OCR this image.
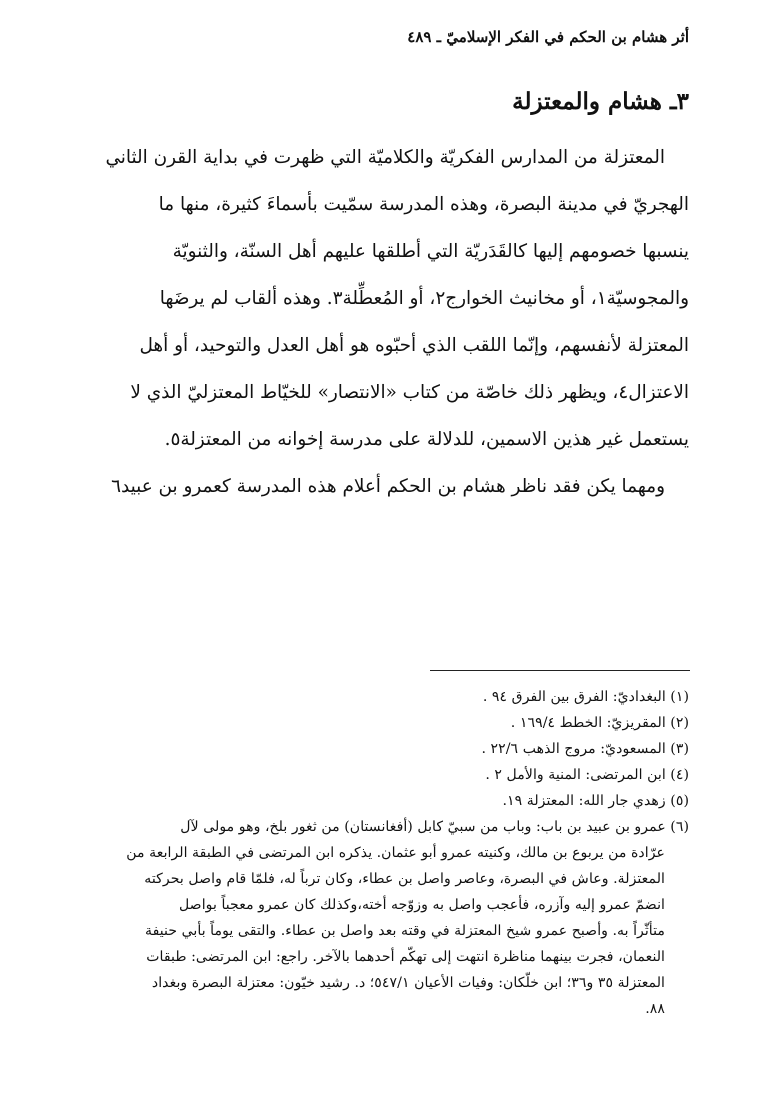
أثر هشام بن الحكم في الفكر الإسلاميّ ـ ٤٨٩
٣ـ هشام والمعتزلة

المعتزلة من المدارس الفكريّة والكلاميّة التي ظهرت في بداية القرن الثاني
الهجريّ في مدينة البصرة، وهذه المدرسة سمّيت بأسماءَ كثيرة، منها ما
ينسبها خصومهم إليها كالقَدَريّة التي أطلقها عليهم أهل السنّة، والثنويّة
والمجوسيّة١، أو مخانيث الخوارج٢، أو المُعطِّلة٣. وهذه ألقاب لم يرضَها
المعتزلة لأنفسهم، وإنّما اللقب الذي أحبّوه هو أهل العدل والتوحيد، أو أهل
الاعتزال٤، ويظهر ذلك خاصّة من كتاب «الانتصار» للخيّاط المعتزليّ الذي لا
يستعمل غير هذين الاسمين، للدلالة على مدرسة إخوانه من المعتزلة٥.

ومهما يكن فقد ناظر هشام بن الحكم أعلام هذه المدرسة كعمرو بن عبيد٦

(١) البغداديّ: الفرق بين الفرق ٩٤ .

(٢) المقريزيّ: الخطط ١٦٩/٤ .

(٣) المسعوديّ: مروج الذهب ٢٢/٦ .

(٤) ابن المرتضى: المنية والأمل ٢ .

(٥) زهدي جار الله: المعتزلة ١٩.

(٦) عمرو بن عبيد بن باب: وباب من سبيّ كابل (أفغانستان) من ثغور بلخ، وهو مولى لآل
عرّادة من يربوع بن مالك، وكنيته عمرو أبو عثمان. يذكره ابن المرتضى في الطبقة الرابعة من
المعتزلة. وعاش في البصرة، وعاصر واصل بن عطاء، وكان ترباً له، فلمّا قام واصل بحركته
انضمّ عمرو إليه وآزره، فأعجب واصل به وزوّجه أخته،وكذلك كان عمرو معجباً بواصل
متأثّراً به. وأصبح عمرو شيخ المعتزلة في وقته بعد واصل بن عطاء. والتقى يوماً بأبي حنيفة
النعمان، فجرت بينهما مناظرة انتهت إلى تهكّم أحدهما بالآخر. راجع: ابن المرتضى: طبقات
المعتزلة ٣٥ و٣٦؛ ابن خلّكان: وفيات الأعيان ٥٤٧/١؛ د. رشيد خيّون: معتزلة البصرة وبغداد
٨٨.
